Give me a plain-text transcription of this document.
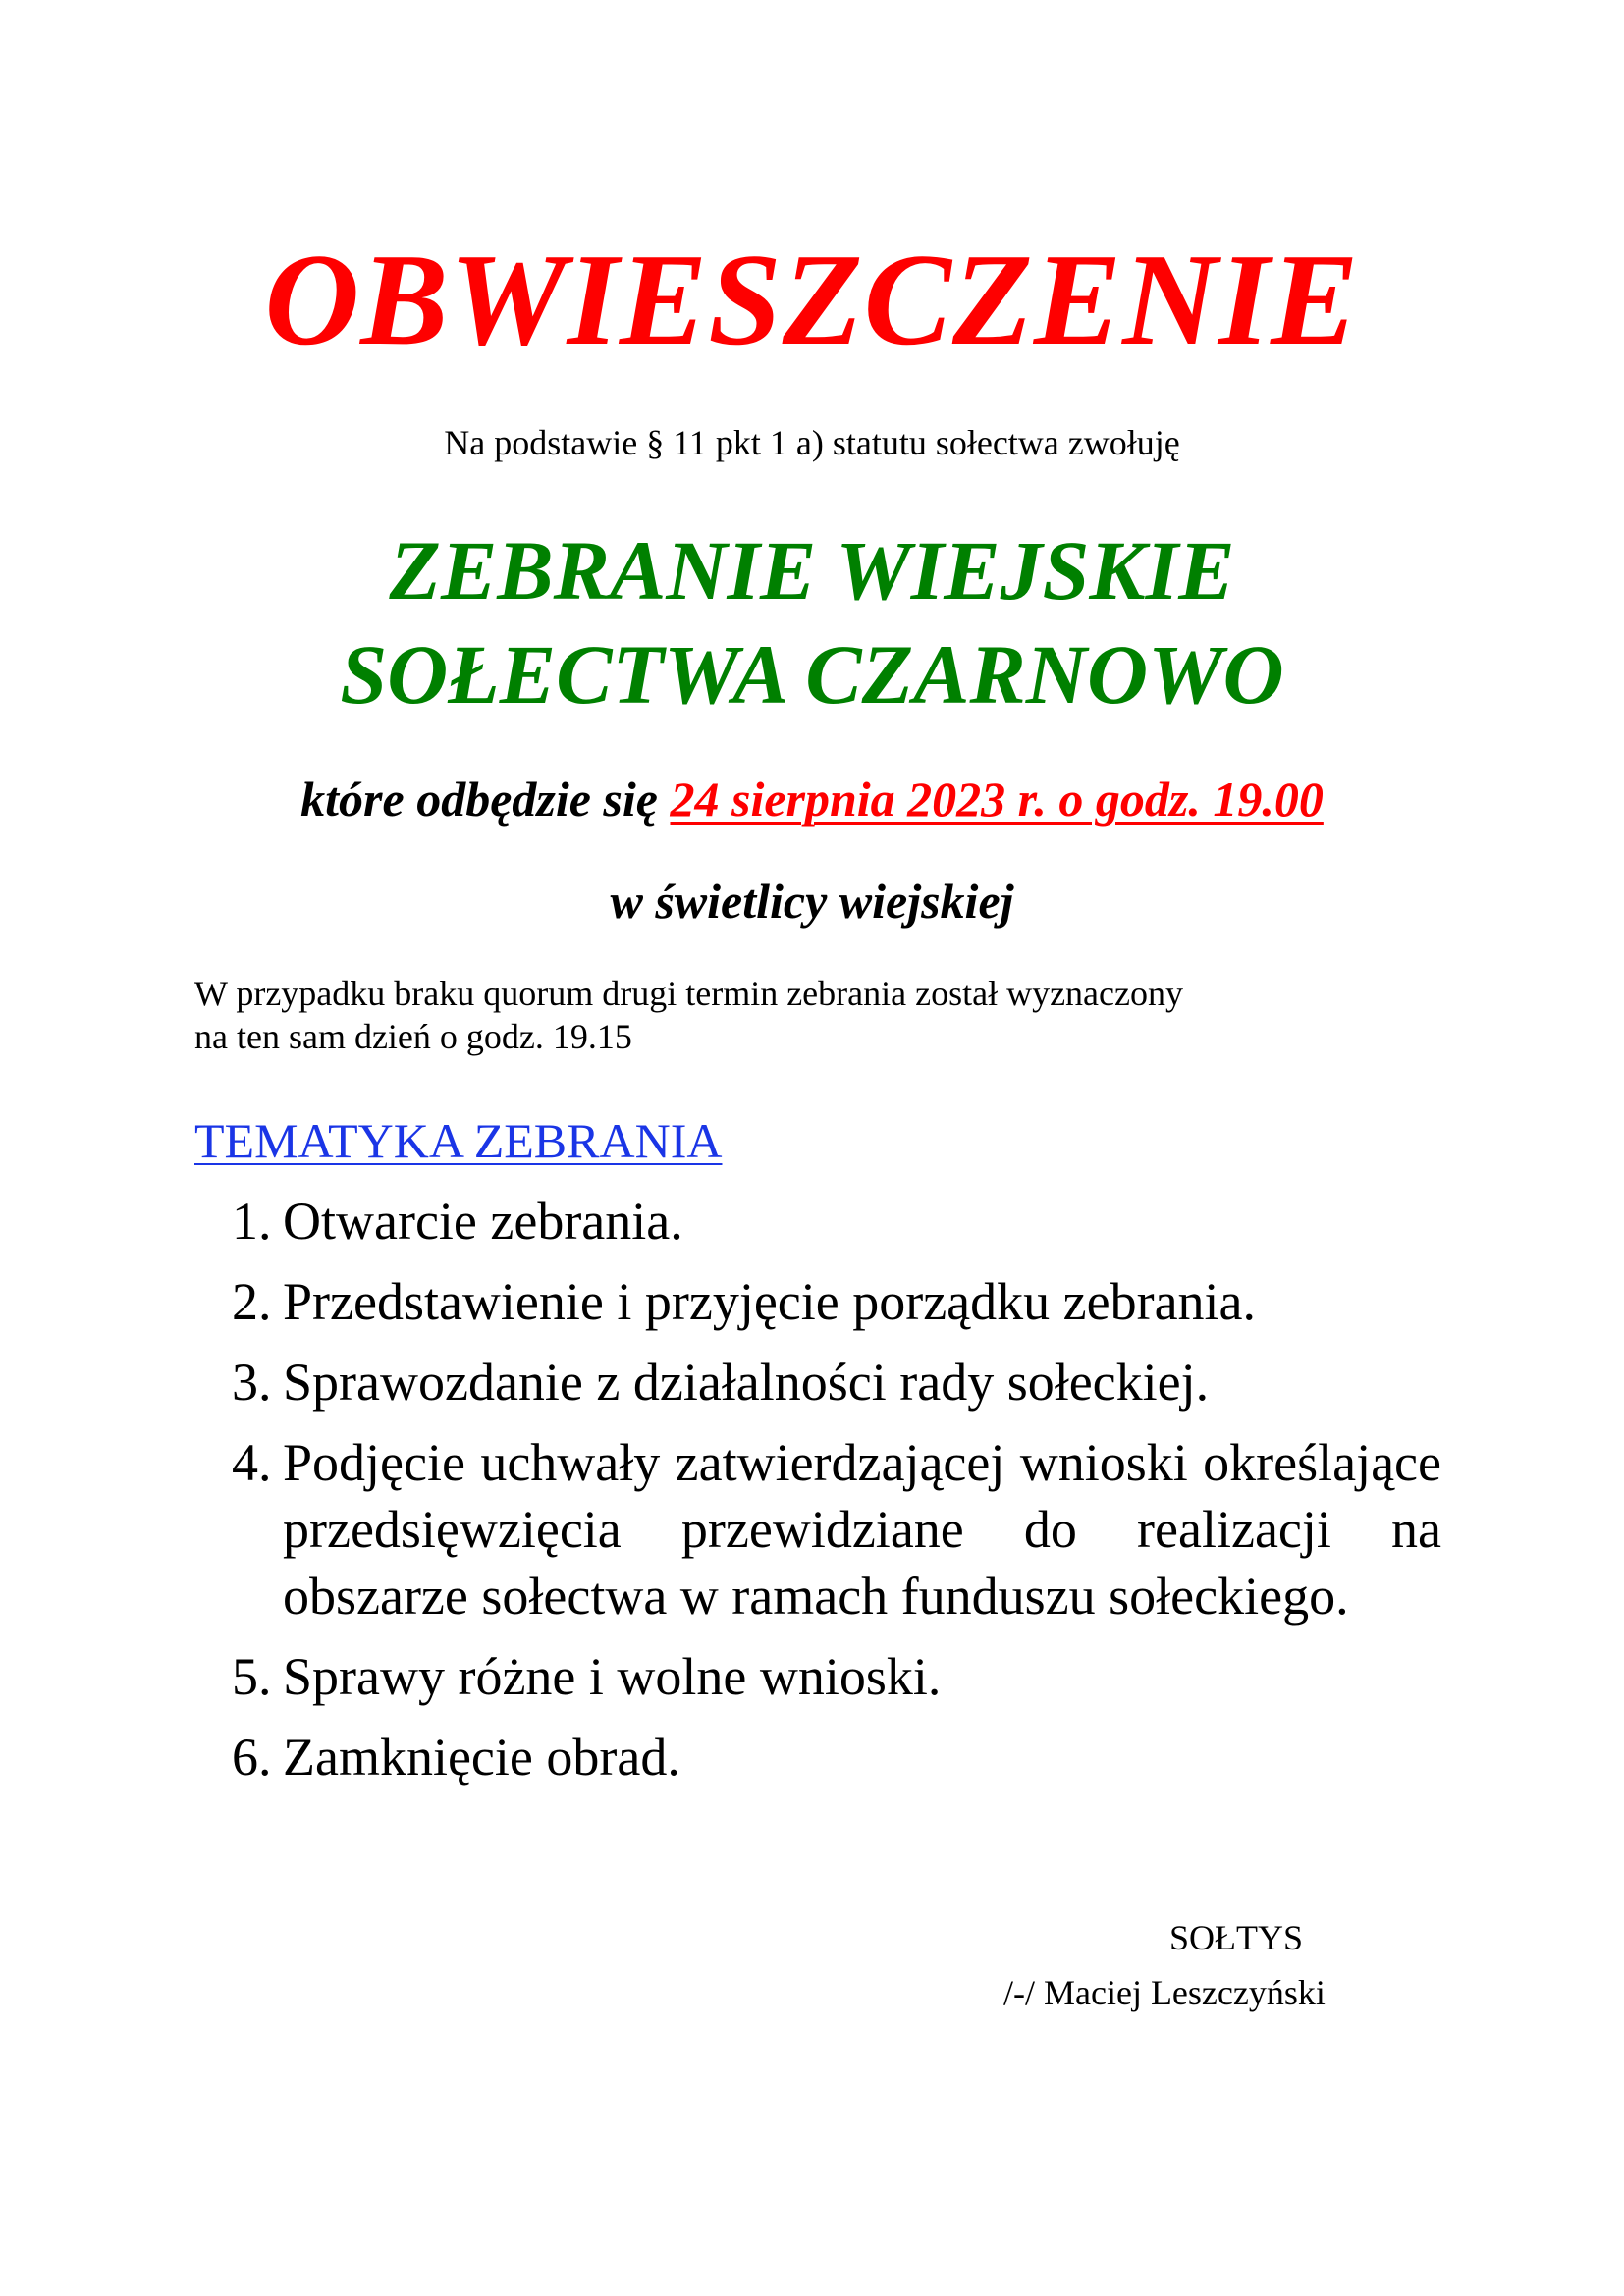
OBWIESZCZENIE
Na podstawie § 11 pkt 1 a) statutu sołectwa zwołuję
ZEBRANIE WIEJSKIE
SOŁECTWA CZARNOWO
które odbędzie się 24 sierpnia 2023 r. o godz. 19.00
w świetlicy wiejskiej
W przypadku braku quorum drugi termin zebrania został wyznaczony
na ten sam dzień o godz. 19.15
TEMATYKA ZEBRANIA
1. Otwarcie zebrania.
2. Przedstawienie i przyjęcie porządku zebrania.
3. Sprawozdanie z działalności rady sołeckiej.
4. Podjęcie uchwały zatwierdzającej wnioski określające przedsięwzięcia przewidziane do realizacji na obszarze sołectwa w ramach funduszu sołeckiego.
5. Sprawy różne i wolne wnioski.
6. Zamknięcie obrad.
SOŁTYS
/-/ Maciej Leszczyński
